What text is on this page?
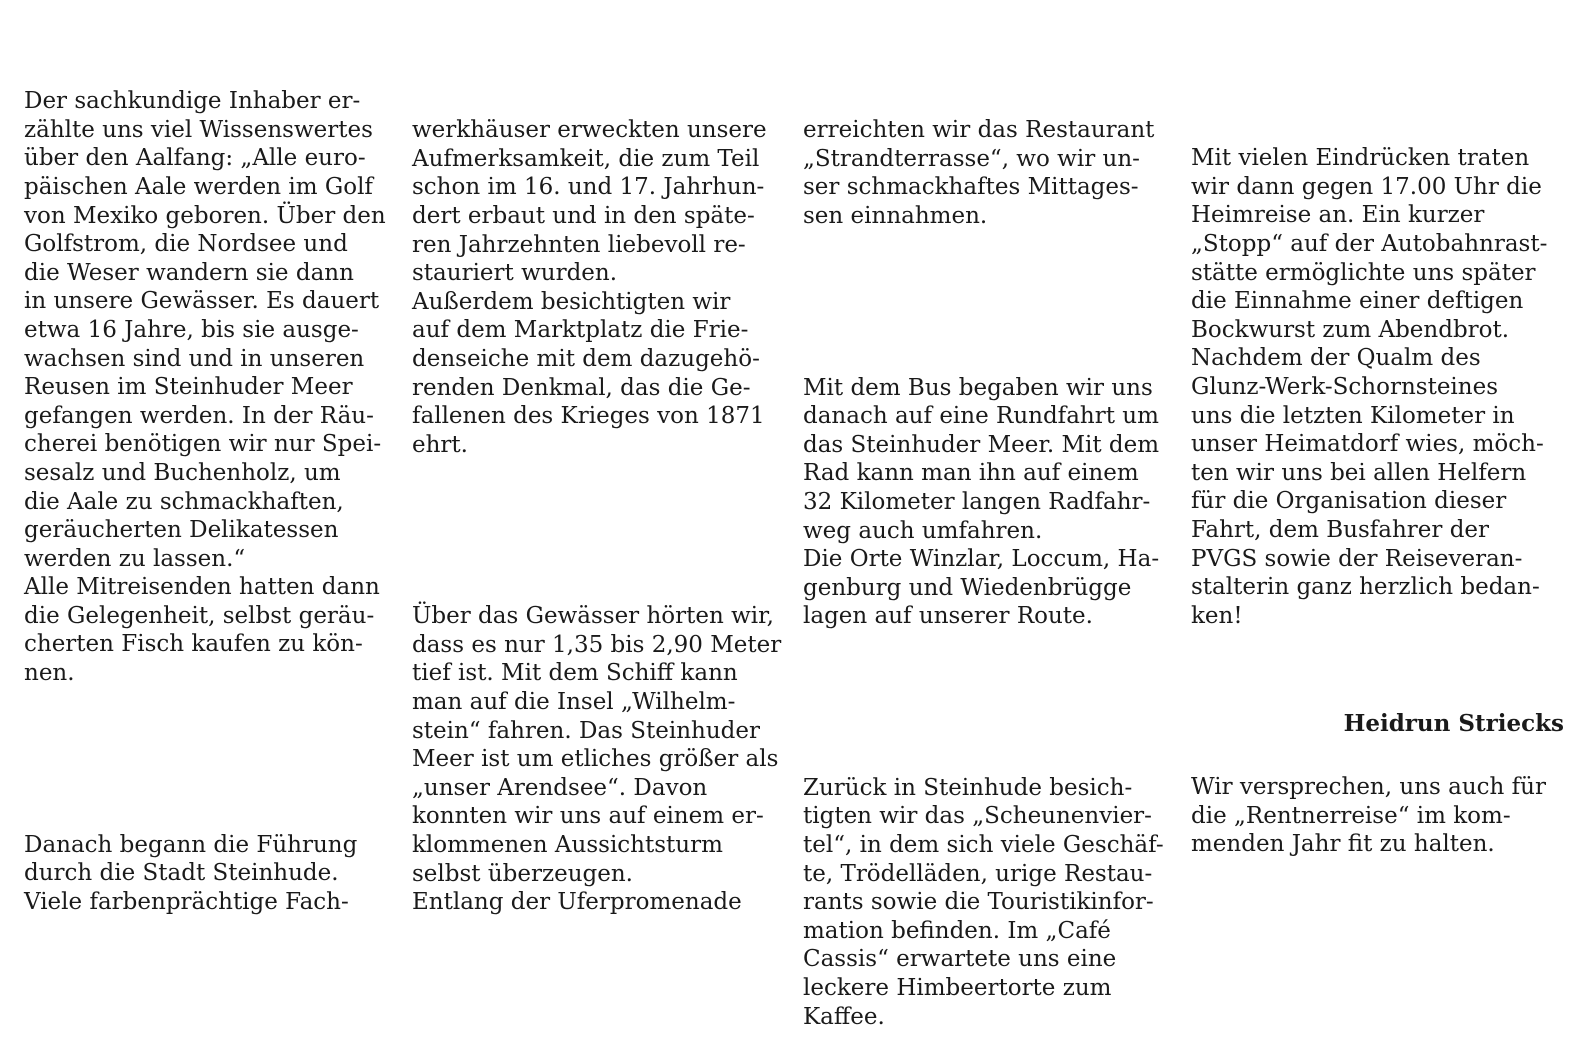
Der sachkundige Inhaber er-
zählte uns viel Wissenswertes
über den Aalfang: „Alle euro-
päischen Aale werden im Golf
von Mexiko geboren. Über den
Golfstrom, die Nordsee und
die Weser wandern sie dann
in unsere Gewässer. Es dauert
etwa 16 Jahre, bis sie ausge-
wachsen sind und in unseren
Reusen im Steinhuder Meer
gefangen werden. In der Räu-
cherei benötigen wir nur Spei-
sesalz und Buchenholz, um
die Aale zu schmackhaften,
geräucherten Delikatessen
werden zu lassen.“
Alle Mitreisenden hatten dann
die Gelegenheit, selbst geräu-
cherten Fisch kaufen zu kön-
nen.

Danach begann die Führung
durch die Stadt Steinhude.
Viele farbenprächtige Fach-

werkhäuser erweckten unsere
Aufmerksamkeit, die zum Teil
schon im 16. und 17. Jahrhun-
dert erbaut und in den späte-
ren Jahrzehnten liebevoll re-
stauriert wurden.
Außerdem besichtigten wir
auf dem Marktplatz die Frie-
denseiche mit dem dazugehö-
renden Denkmal, das die Ge-
fallenen des Krieges von 1871
ehrt.

Über das Gewässer hörten wir,
dass es nur 1,35 bis 2,90 Meter
tief ist. Mit dem Schiff kann
man auf die Insel „Wilhelm-
stein“ fahren. Das Steinhuder
Meer ist um etliches größer als
„unser Arendsee“. Davon
konnten wir uns auf einem er-
klommenen Aussichtsturm
selbst überzeugen.
Entlang der Uferpromenade

erreichten wir das Restaurant
„Strandterrasse“, wo wir un-
ser schmackhaftes Mittages-
sen einnahmen.

Mit dem Bus begaben wir uns
danach auf eine Rundfahrt um
das Steinhuder Meer. Mit dem
Rad kann man ihn auf einem
32 Kilometer langen Radfahr-
weg auch umfahren.
Die Orte Winzlar, Loccum, Ha-
genburg und Wiedenbrügge
lagen auf unserer Route.

Zurück in Steinhude besich-
tigten wir das „Scheunenvier-
tel“, in dem sich viele Geschäf-
te, Trödelläden, urige Restau-
rants sowie die Touristikinfor-
mation befinden. Im „Café
Cassis“ erwartete uns eine
leckere Himbeertorte zum
Kaffee.

Mit vielen Eindrücken traten
wir dann gegen 17.00 Uhr die
Heimreise an. Ein kurzer
„Stopp“ auf der Autobahnrast-
stätte ermöglichte uns später
die Einnahme einer deftigen
Bockwurst zum Abendbrot.
Nachdem der Qualm des
Glunz-Werk-Schornsteines
uns die letzten Kilometer in
unser Heimatdorf wies, möch-
ten wir uns bei allen Helfern
für die Organisation dieser
Fahrt, dem Busfahrer der
PVGS sowie der Reiseveran-
stalterin ganz herzlich bedan-
ken!

Wir versprechen, uns auch für
die „Rentnerreise“ im kom-
menden Jahr fit zu halten.

Heidrun Striecks
